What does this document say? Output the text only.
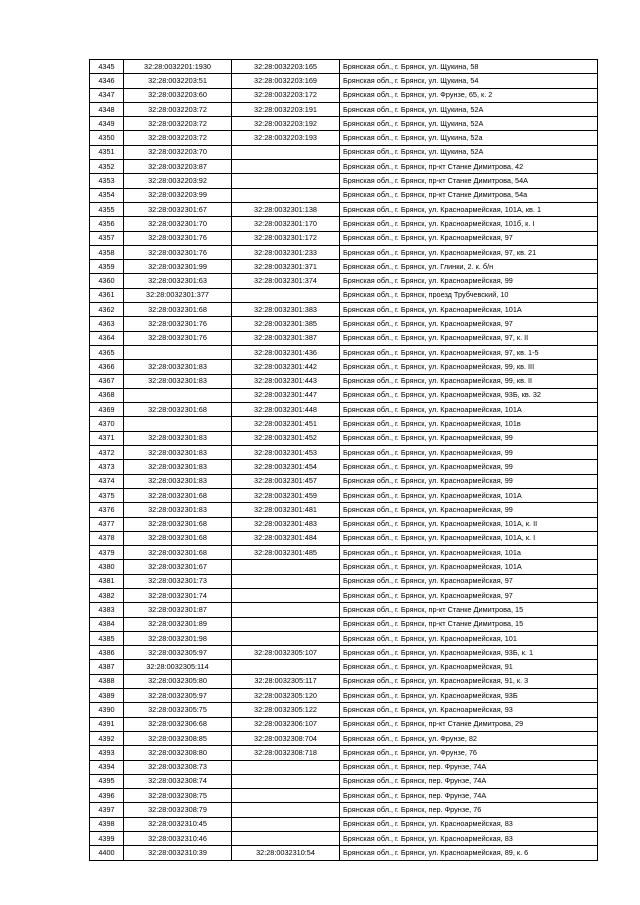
4345	32:28:0032201:1930	32:28:0032203:165	Брянская обл., г. Брянск, ул. Щукина, 58
4346	32:28:0032203:51	32:28:0032203:169	Брянская обл., г. Брянск, ул. Щукина, 54
4347	32:28:0032203:60	32:28:0032203:172	Брянская обл., г. Брянск, ул. Фрунзе, 65, к. 2
4348	32:28:0032203:72	32:28:0032203:191	Брянская обл., г. Брянск, ул. Щукина, 52А
4349	32:28:0032203:72	32:28:0032203:192	Брянская обл., г. Брянск, ул. Щукина, 52А
4350	32:28:0032203:72	32:28:0032203:193	Брянская обл., г. Брянск, ул. Щукина, 52а
4351	32:28:0032203:70		Брянская обл., г. Брянск, ул. Щукина, 52А
4352	32:28:0032203:87		Брянская обл., г. Брянск, пр-кт Станке Димитрова, 42
4353	32:28:0032203:92		Брянская обл., г. Брянск, пр-кт Станке Димитрова, 54А
4354	32:28:0032203:99		Брянская обл., г. Брянск, пр-кт Станке Димитрова, 54а
4355	32:28:0032301:67	32:28:0032301:138	Брянская обл., г. Брянск, ул. Красноармейская, 101А, кв. 1
4356	32:28:0032301:70	32:28:0032301:170	Брянская обл., г. Брянск, ул. Красноармейская, 101б, к. I
4357	32:28:0032301:76	32:28:0032301:172	Брянская обл., г. Брянск, ул. Красноармейская, 97
4358	32:28:0032301:76	32:28:0032301:233	Брянская обл., г. Брянск, ул. Красноармейская, 97, кв. 21
4359	32:28:0032301:99	32:28:0032301:371	Брянская обл., г. Брянск, ул. Глинки, 2. к. б/н
4360	32:28:0032301:63	32:28:0032301:374	Брянская обл., г. Брянск, ул. Красноармейская, 99
4361	32:28:0032301:377		Брянская обл., г. Брянск, проезд Трубчевский, 10
4362	32:28:0032301:68	32:28:0032301:383	Брянская обл., г. Брянск, ул. Красноармейская, 101А
4363	32:28:0032301:76	32:28:0032301:385	Брянская обл., г. Брянск, ул. Красноармейская, 97
4364	32:28:0032301:76	32:28:0032301:387	Брянская обл., г. Брянск, ул. Красноармейская, 97, к. II
4365		32:28:0032301:436	Брянская обл., г. Брянск, ул. Красноармейская, 97, кв. 1-5
4366	32:28:0032301:83	32:28:0032301:442	Брянская обл., г. Брянск, ул. Красноармейская, 99, кв. III
4367	32:28:0032301:83	32:28:0032301:443	Брянская обл., г. Брянск, ул. Красноармейская, 99, кв. II
4368		32:28:0032301:447	Брянская обл., г. Брянск, ул. Красноармейская, 93Б, кв. 32
4369	32:28:0032301:68	32:28:0032301:448	Брянская обл., г. Брянск, ул. Красноармейская, 101А
4370		32:28:0032301:451	Брянская обл., г. Брянск, ул. Красноармейская, 101в
4371	32:28:0032301:83	32:28:0032301:452	Брянская обл., г. Брянск, ул. Красноармейская, 99
4372	32:28:0032301:83	32:28:0032301:453	Брянская обл., г. Брянск, ул. Красноармейская, 99
4373	32:28:0032301:83	32:28:0032301:454	Брянская обл., г. Брянск, ул. Красноармейская, 99
4374	32:28:0032301:83	32:28:0032301:457	Брянская обл., г. Брянск, ул. Красноармейская, 99
4375	32:28:0032301:68	32:28:0032301:459	Брянская обл., г. Брянск, ул. Красноармейская, 101А
4376	32:28:0032301:83	32:28:0032301:481	Брянская обл., г. Брянск, ул. Красноармейская, 99
4377	32:28:0032301:68	32:28:0032301:483	Брянская обл., г. Брянск, ул. Красноармейская, 101А, к. II
4378	32:28:0032301:68	32:28:0032301:484	Брянская обл., г. Брянск, ул. Красноармейская, 101А, к. I
4379	32:28:0032301:68	32:28:0032301:485	Брянская обл., г. Брянск, ул. Красноармейская, 101а
4380	32:28:0032301:67		Брянская обл., г. Брянск, ул. Красноармейская, 101А
4381	32:28:0032301:73		Брянская обл., г. Брянск, ул. Красноармейская, 97
4382	32:28:0032301:74		Брянская обл., г. Брянск, ул. Красноармейская, 97
4383	32:28:0032301:87		Брянская обл., г. Брянск, пр-кт Станке Димитрова, 15
4384	32:28:0032301:89		Брянская обл., г. Брянск, пр-кт Станке Димитрова, 15
4385	32:28:0032301:98		Брянская обл., г. Брянск, ул. Красноармейская, 101
4386	32:28:0032305:97	32:28:0032305:107	Брянская обл., г. Брянск, ул. Красноармейская, 93Б, к. 1
4387	32:28:0032305:114		Брянская обл., г. Брянск, ул. Красноармейская, 91
4388	32:28:0032305:80	32:28:0032305:117	Брянская обл., г. Брянск, ул. Красноармейская, 91, к. 3
4389	32:28:0032305:97	32:28:0032305:120	Брянская обл., г. Брянск, ул. Красноармейская, 93Б
4390	32:28:0032305:75	32:28:0032305:122	Брянская обл., г. Брянск, ул. Красноармейская, 93
4391	32:28:0032306:68	32:28:0032306:107	Брянская обл., г. Брянск, пр-кт Станке Димитрова, 29
4392	32:28:0032308:85	32:28:0032308:704	Брянская обл., г. Брянск, ул. Фрунзе, 82
4393	32:28:0032308:80	32:28:0032308:718	Брянская обл., г. Брянск, ул. Фрунзе, 76
4394	32:28:0032308:73		Брянская обл., г. Брянск, пер. Фрунзе, 74А
4395	32:28:0032308:74		Брянская обл., г. Брянск, пер. Фрунзе, 74А
4396	32:28:0032308:75		Брянская обл., г. Брянск, пер. Фрунзе, 74А
4397	32:28:0032308:79		Брянская обл., г. Брянск, пер. Фрунзе, 76
4398	32:28:0032310:45		Брянская обл., г. Брянск, ул. Красноармейская, 83
4399	32:28:0032310:46		Брянская обл., г. Брянск, ул. Красноармейская, 83
4400	32:28:0032310:39	32:28:0032310:54	Брянская обл., г. Брянск, ул. Красноармейская, 89, к. 6
